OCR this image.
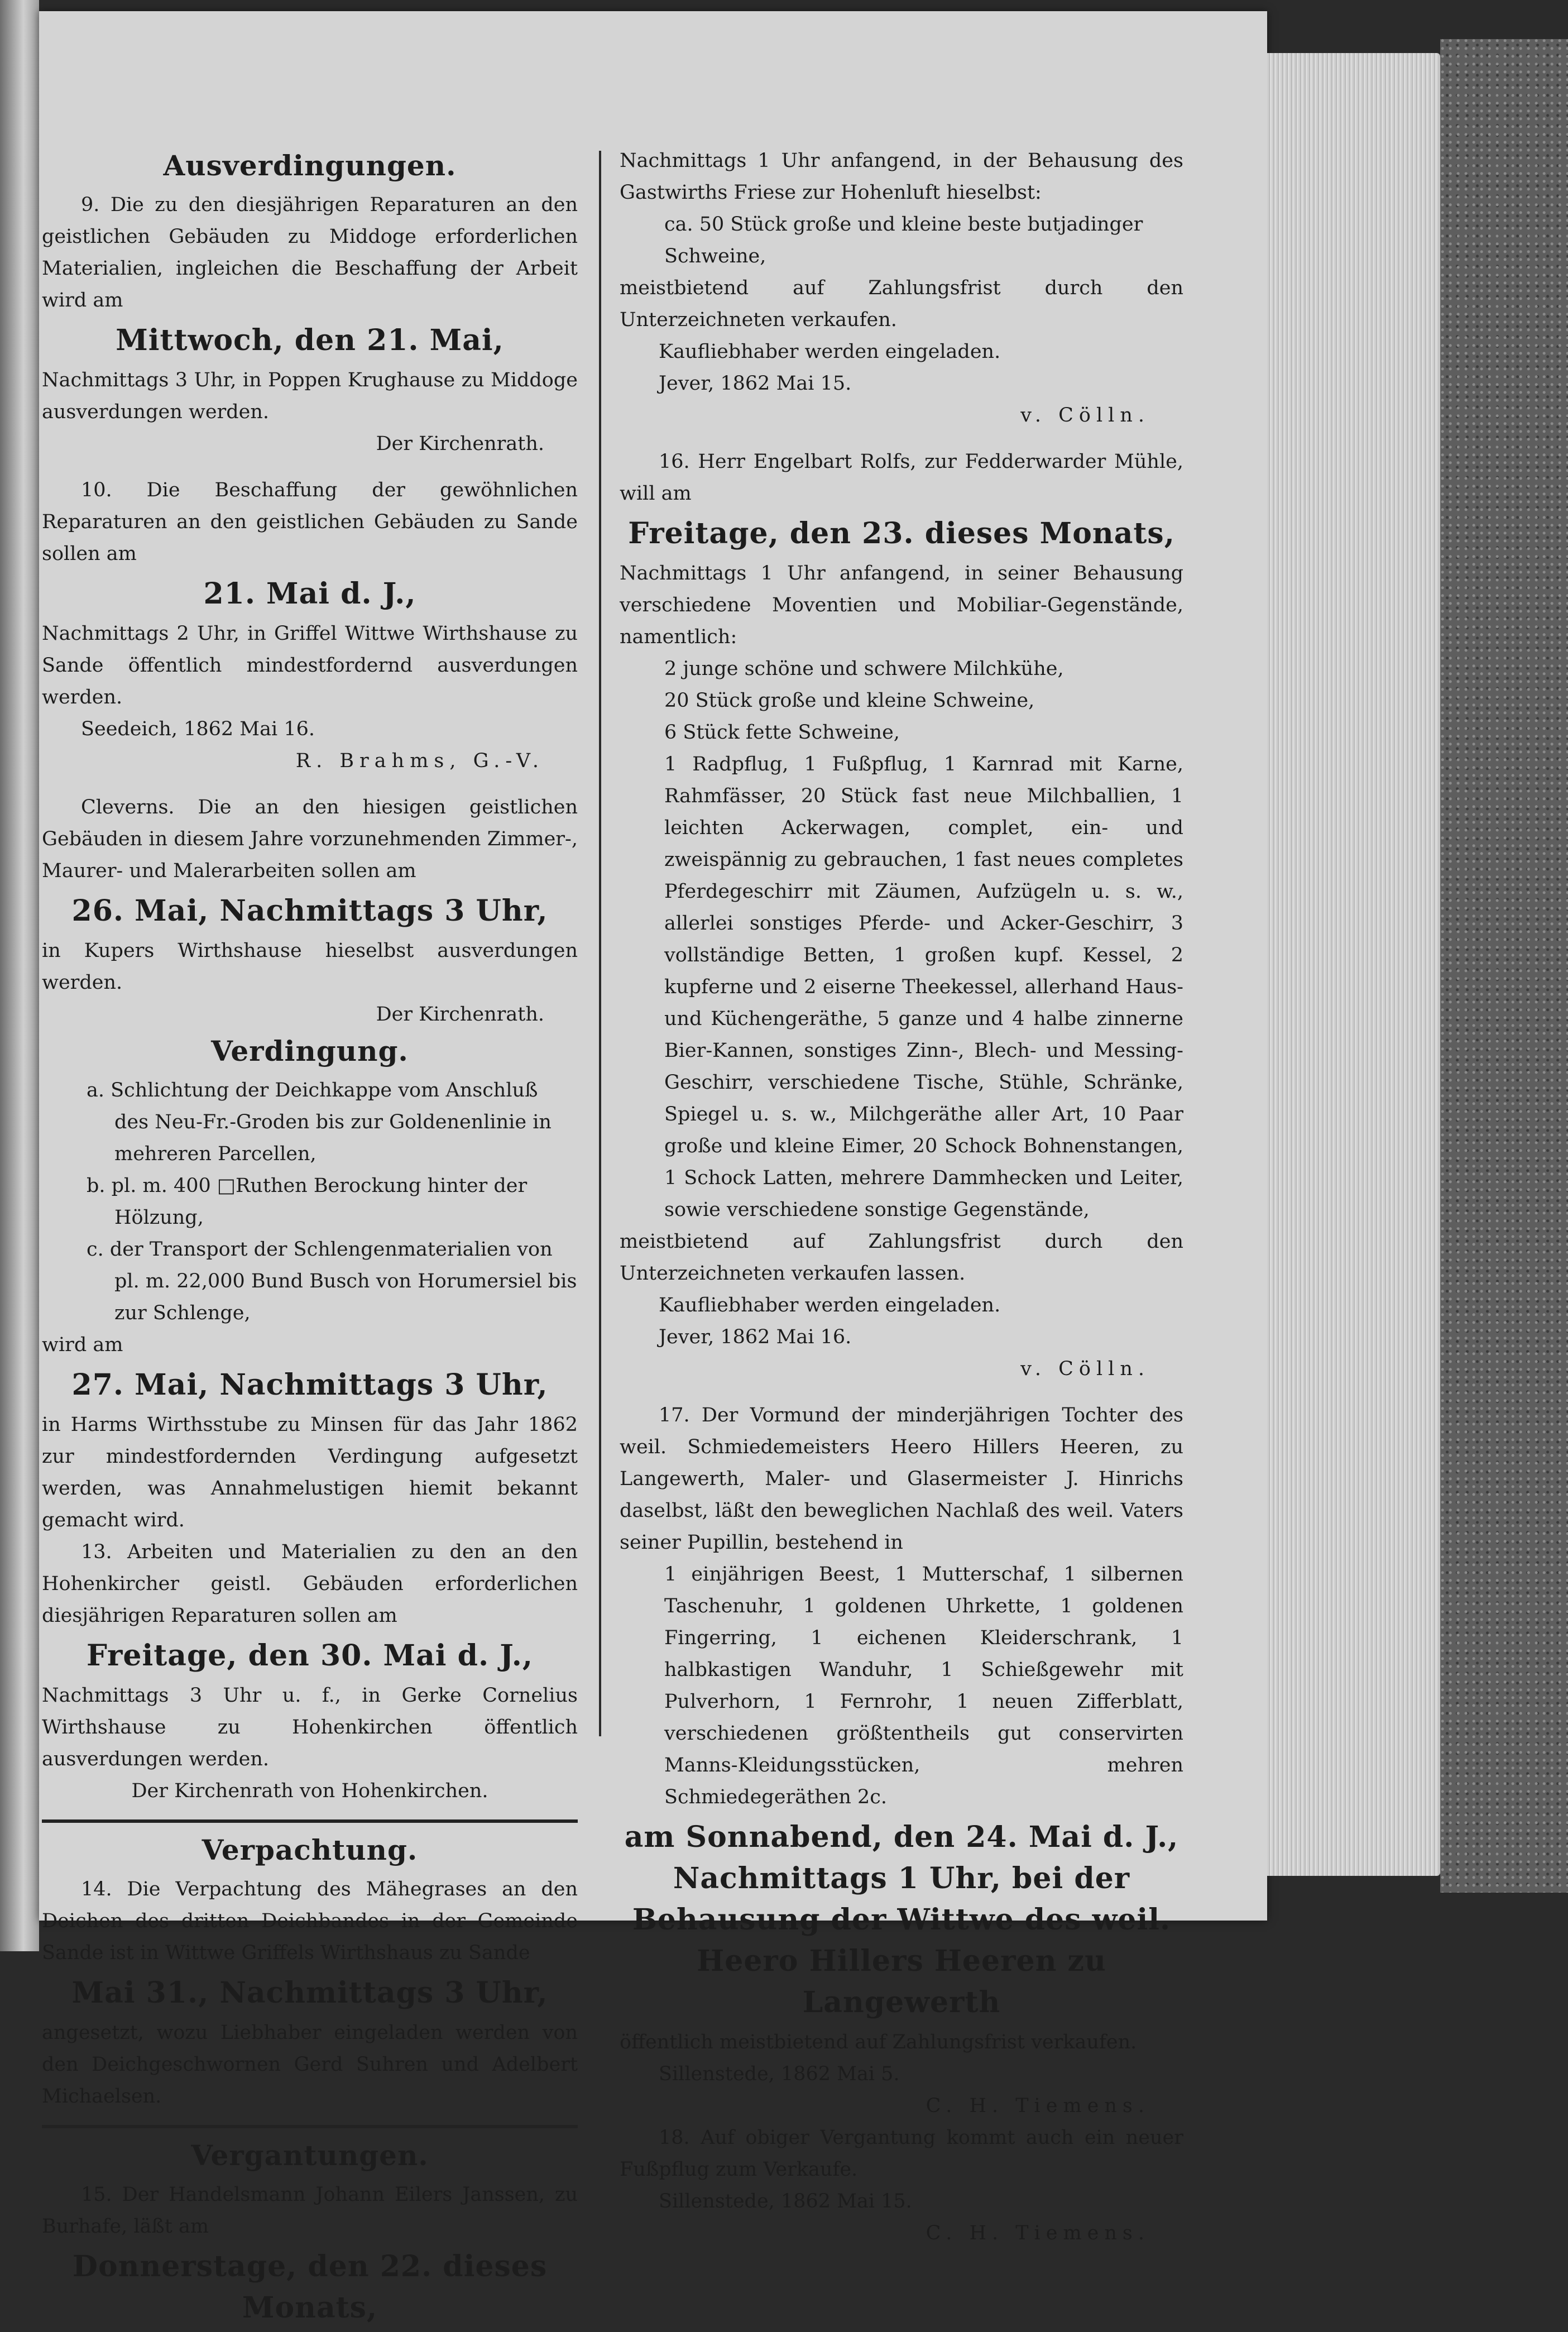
Ausverdingungen.

9. Die zu den diesjährigen Reparaturen an den geistlichen Gebäuden zu Middoge erforderlichen Materialien, ingleichen die Beschaffung der Arbeit wird am

Mittwoch, den 21. Mai,

Nachmittags 3 Uhr, in Poppen Krughause zu Middoge ausverdungen werden.

Der Kirchenrath.

10. Die Beschaffung der gewöhnlichen Reparaturen an den geistlichen Gebäuden zu Sande sollen am

21. Mai d. J.,

Nachmittags 2 Uhr, in Griffel Wittwe Wirthshause zu Sande öffentlich mindestfordernd ausverdungen werden.

Seedeich, 1862 Mai 16.

R. Brahms, G.-V.

Cleverns. Die an den hiesigen geistlichen Gebäuden in diesem Jahre vorzunehmenden Zimmer-, Maurer- und Malerarbeiten sollen am

26. Mai, Nachmittags 3 Uhr,

in Kupers Wirthshause hieselbst ausverdungen werden.

Der Kirchenrath.

Verdingung.

a. Schlichtung der Deichkappe vom Anschluß des Neu-Fr.-Groden bis zur Goldenenlinie in mehreren Parcellen,

b. pl. m. 400 □Ruthen Berockung hinter der Hölzung,

c. der Transport der Schlengenmaterialien von pl. m. 22,000 Bund Busch von Horumersiel bis zur Schlenge,

wird am

27. Mai, Nachmittags 3 Uhr,

in Harms Wirthsstube zu Minsen für das Jahr 1862 zur mindestfordernden Verdingung aufgesetzt werden, was Annahmelustigen hiemit bekannt gemacht wird.

13. Arbeiten und Materialien zu den an den Hohenkircher geistl. Gebäuden erforderlichen diesjährigen Reparaturen sollen am

Freitage, den 30. Mai d. J.,

Nachmittags 3 Uhr u. f., in Gerke Cornelius Wirthshause zu Hohenkirchen öffentlich ausverdungen werden.

Der Kirchenrath von Hohenkirchen.

Verpachtung.

14. Die Verpachtung des Mähegrases an den Deichen des dritten Deichbandes in der Gemeinde Sande ist in Wittwe Griffels Wirthshaus zu Sande

Mai 31., Nachmittags 3 Uhr,

angesetzt, wozu Liebhaber eingeladen werden von den Deichgeschwornen Gerd Suhren und Adelbert Michaelsen.

Vergantungen.

15. Der Handelsmann Johann Eilers Janssen, zu Burhafe, läßt am

Donnerstage, den 22. dieses Monats,

Nachmittags 1 Uhr anfangend, in der Behausung des Gastwirths Friese zur Hohenluft hieselbst:

ca. 50 Stück große und kleine beste butjadinger Schweine,

meistbietend auf Zahlungsfrist durch den Unterzeichneten verkaufen.

Kaufliebhaber werden eingeladen.

Jever, 1862 Mai 15.

v. Cölln.

16. Herr Engelbart Rolfs, zur Fedderwarder Mühle, will am

Freitage, den 23. dieses Monats,

Nachmittags 1 Uhr anfangend, in seiner Behausung verschiedene Moventien und Mobiliar-Gegenstände, namentlich:

2 junge schöne und schwere Milchkühe,

20 Stück große und kleine Schweine,

6 Stück fette Schweine,

1 Radpflug, 1 Fußpflug, 1 Karnrad mit Karne, Rahmfässer, 20 Stück fast neue Milchballien, 1 leichten Ackerwagen, complet, ein- und zweispännig zu gebrauchen, 1 fast neues completes Pferdegeschirr mit Zäumen, Aufzügeln u. s. w., allerlei sonstiges Pferde- und Acker-Geschirr, 3 vollständige Betten, 1 großen kupf. Kessel, 2 kupferne und 2 eiserne Theekessel, allerhand Haus- und Küchengeräthe, 5 ganze und 4 halbe zinnerne Bier-Kannen, sonstiges Zinn-, Blech- und Messing-Geschirr, verschiedene Tische, Stühle, Schränke, Spiegel u. s. w., Milchgeräthe aller Art, 10 Paar große und kleine Eimer, 20 Schock Bohnenstangen, 1 Schock Latten, mehrere Dammhecken und Leiter, sowie verschiedene sonstige Gegenstände,

meistbietend auf Zahlungsfrist durch den Unterzeichneten verkaufen lassen.

Kaufliebhaber werden eingeladen.

Jever, 1862 Mai 16.

v. Cölln.

17. Der Vormund der minderjährigen Tochter des weil. Schmiedemeisters Heero Hillers Heeren, zu Langewerth, Maler- und Glasermeister J. Hinrichs daselbst, läßt den beweglichen Nachlaß des weil. Vaters seiner Pupillin, bestehend in

1 einjährigen Beest, 1 Mutterschaf, 1 silbernen Taschenuhr, 1 goldenen Uhrkette, 1 goldenen Fingerring, 1 eichenen Kleiderschrank, 1 halbkastigen Wanduhr, 1 Schießgewehr mit Pulverhorn, 1 Fernrohr, 1 neuen Zifferblatt, verschiedenen größtentheils gut conservirten Manns-Kleidungsstücken, mehren Schmiedegeräthen 2c.

am Sonnabend, den 24. Mai d. J., Nachmittags 1 Uhr, bei der Behausung der Wittwe des weil. Heero Hillers Heeren zu Langewerth

öffentlich meistbietend auf Zahlungsfrist verkaufen.

Sillenstede, 1862 Mai 5.

C. H. Tiemens.

18. Auf obiger Vergantung kommt auch ein neuer Fußpflug zum Verkaufe.

Sillenstede, 1862 Mai 15.

C. H. Tiemens.
